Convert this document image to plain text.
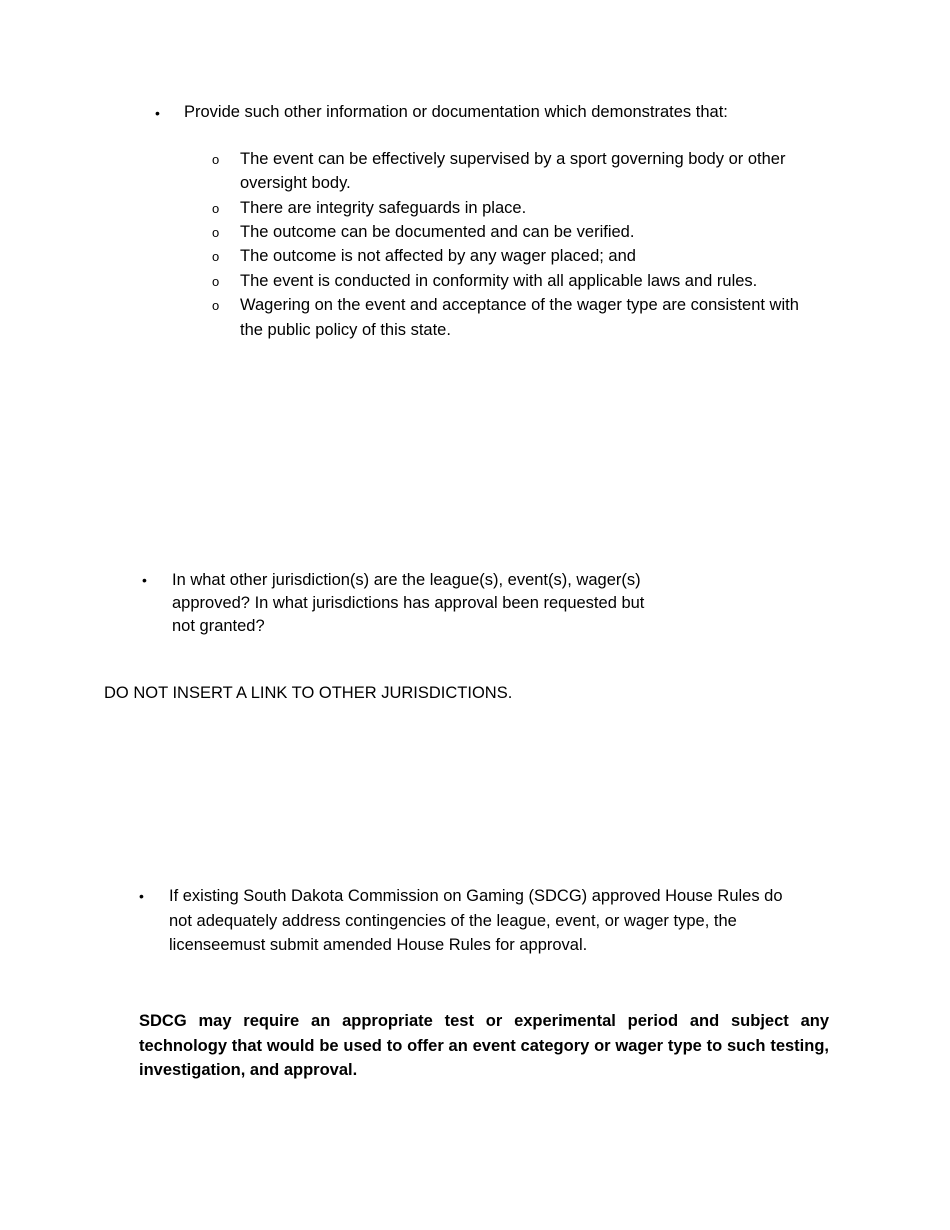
• Provide such other information or documentation which demonstrates that:
o The event can be effectively supervised by a sport governing body or other
oversight body.
o There are integrity safeguards in place.
o The outcome can be documented and can be verified.
o The outcome is not affected by any wager placed; and
o The event is conducted in conformity with all applicable laws and rules.
o Wagering on the event and acceptance of the wager type are consistent with
the public policy of this state.
• In what other jurisdiction(s) are the league(s), event(s), wager(s)
approved? In what jurisdictions has approval been requested but
not granted?
DO NOT INSERT A LINK TO OTHER JURISDICTIONS.
• If existing South Dakota Commission on Gaming (SDCG) approved House Rules do
not adequately address contingencies of the league, event, or wager type, the
licenseemust submit amended House Rules for approval.
SDCG may require an appropriate test or experimental period and subject any technology that would be used to offer an event category or wager type to such testing, investigation, and approval.
